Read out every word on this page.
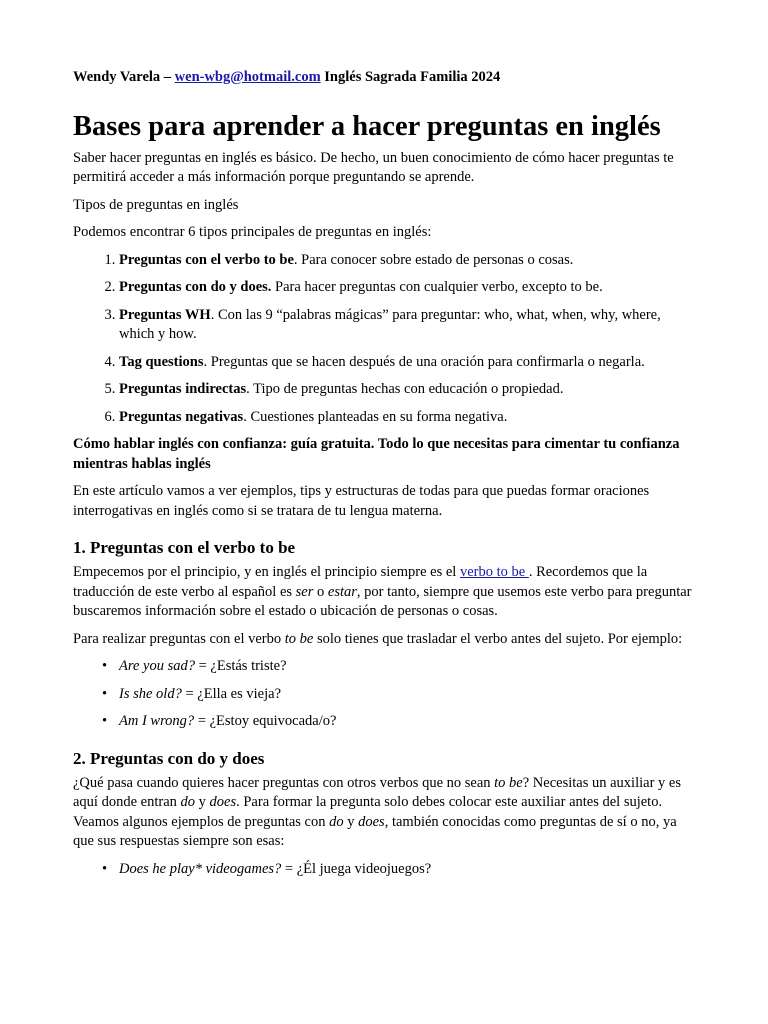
Wendy Varela – wen-wbg@hotmail.com Inglés Sagrada Familia 2024
Bases para aprender a hacer preguntas en inglés

Saber hacer preguntas en inglés es básico. De hecho, un buen conocimiento de cómo hacer preguntas te permitirá acceder a más información porque preguntando se aprende.

Tipos de preguntas en inglés

Podemos encontrar 6 tipos principales de preguntas en inglés:

1. Preguntas con el verbo to be. Para conocer sobre estado de personas o cosas.
2. Preguntas con do y does. Para hacer preguntas con cualquier verbo, excepto to be.
3. Preguntas WH. Con las 9 “palabras mágicas” para preguntar: who, what, when, why, where, which y how.
4. Tag questions. Preguntas que se hacen después de una oración para confirmarla o negarla.
5. Preguntas indirectas. Tipo de preguntas hechas con educación o propiedad.
6. Preguntas negativas. Cuestiones planteadas en su forma negativa.

Cómo hablar inglés con confianza: guía gratuita. Todo lo que necesitas para cimentar tu confianza mientras hablas inglés

En este artículo vamos a ver ejemplos, tips y estructuras de todas para que puedas formar oraciones interrogativas en inglés como si se tratara de tu lengua materna.

1. Preguntas con el verbo to be

Empecemos por el principio, y en inglés el principio siempre es el verbo to be . Recordemos que la traducción de este verbo al español es ser o estar, por tanto, siempre que usemos este verbo para preguntar buscaremos información sobre el estado o ubicación de personas o cosas.

Para realizar preguntas con el verbo to be solo tienes que trasladar el verbo antes del sujeto. Por ejemplo:

• Are you sad? = ¿Estás triste?
• Is she old? = ¿Ella es vieja?
• Am I wrong? = ¿Estoy equivocada/o?
2. Preguntas con do y does

¿Qué pasa cuando quieres hacer preguntas con otros verbos que no sean to be? Necesitas un auxiliar y es aquí donde entran do y does. Para formar la pregunta solo debes colocar este auxiliar antes del sujeto. Veamos algunos ejemplos de preguntas con do y does, también conocidas como preguntas de sí o no, ya que sus respuestas siempre son esas:

• Does he play* videogames? = ¿Él juega videojuegos?
